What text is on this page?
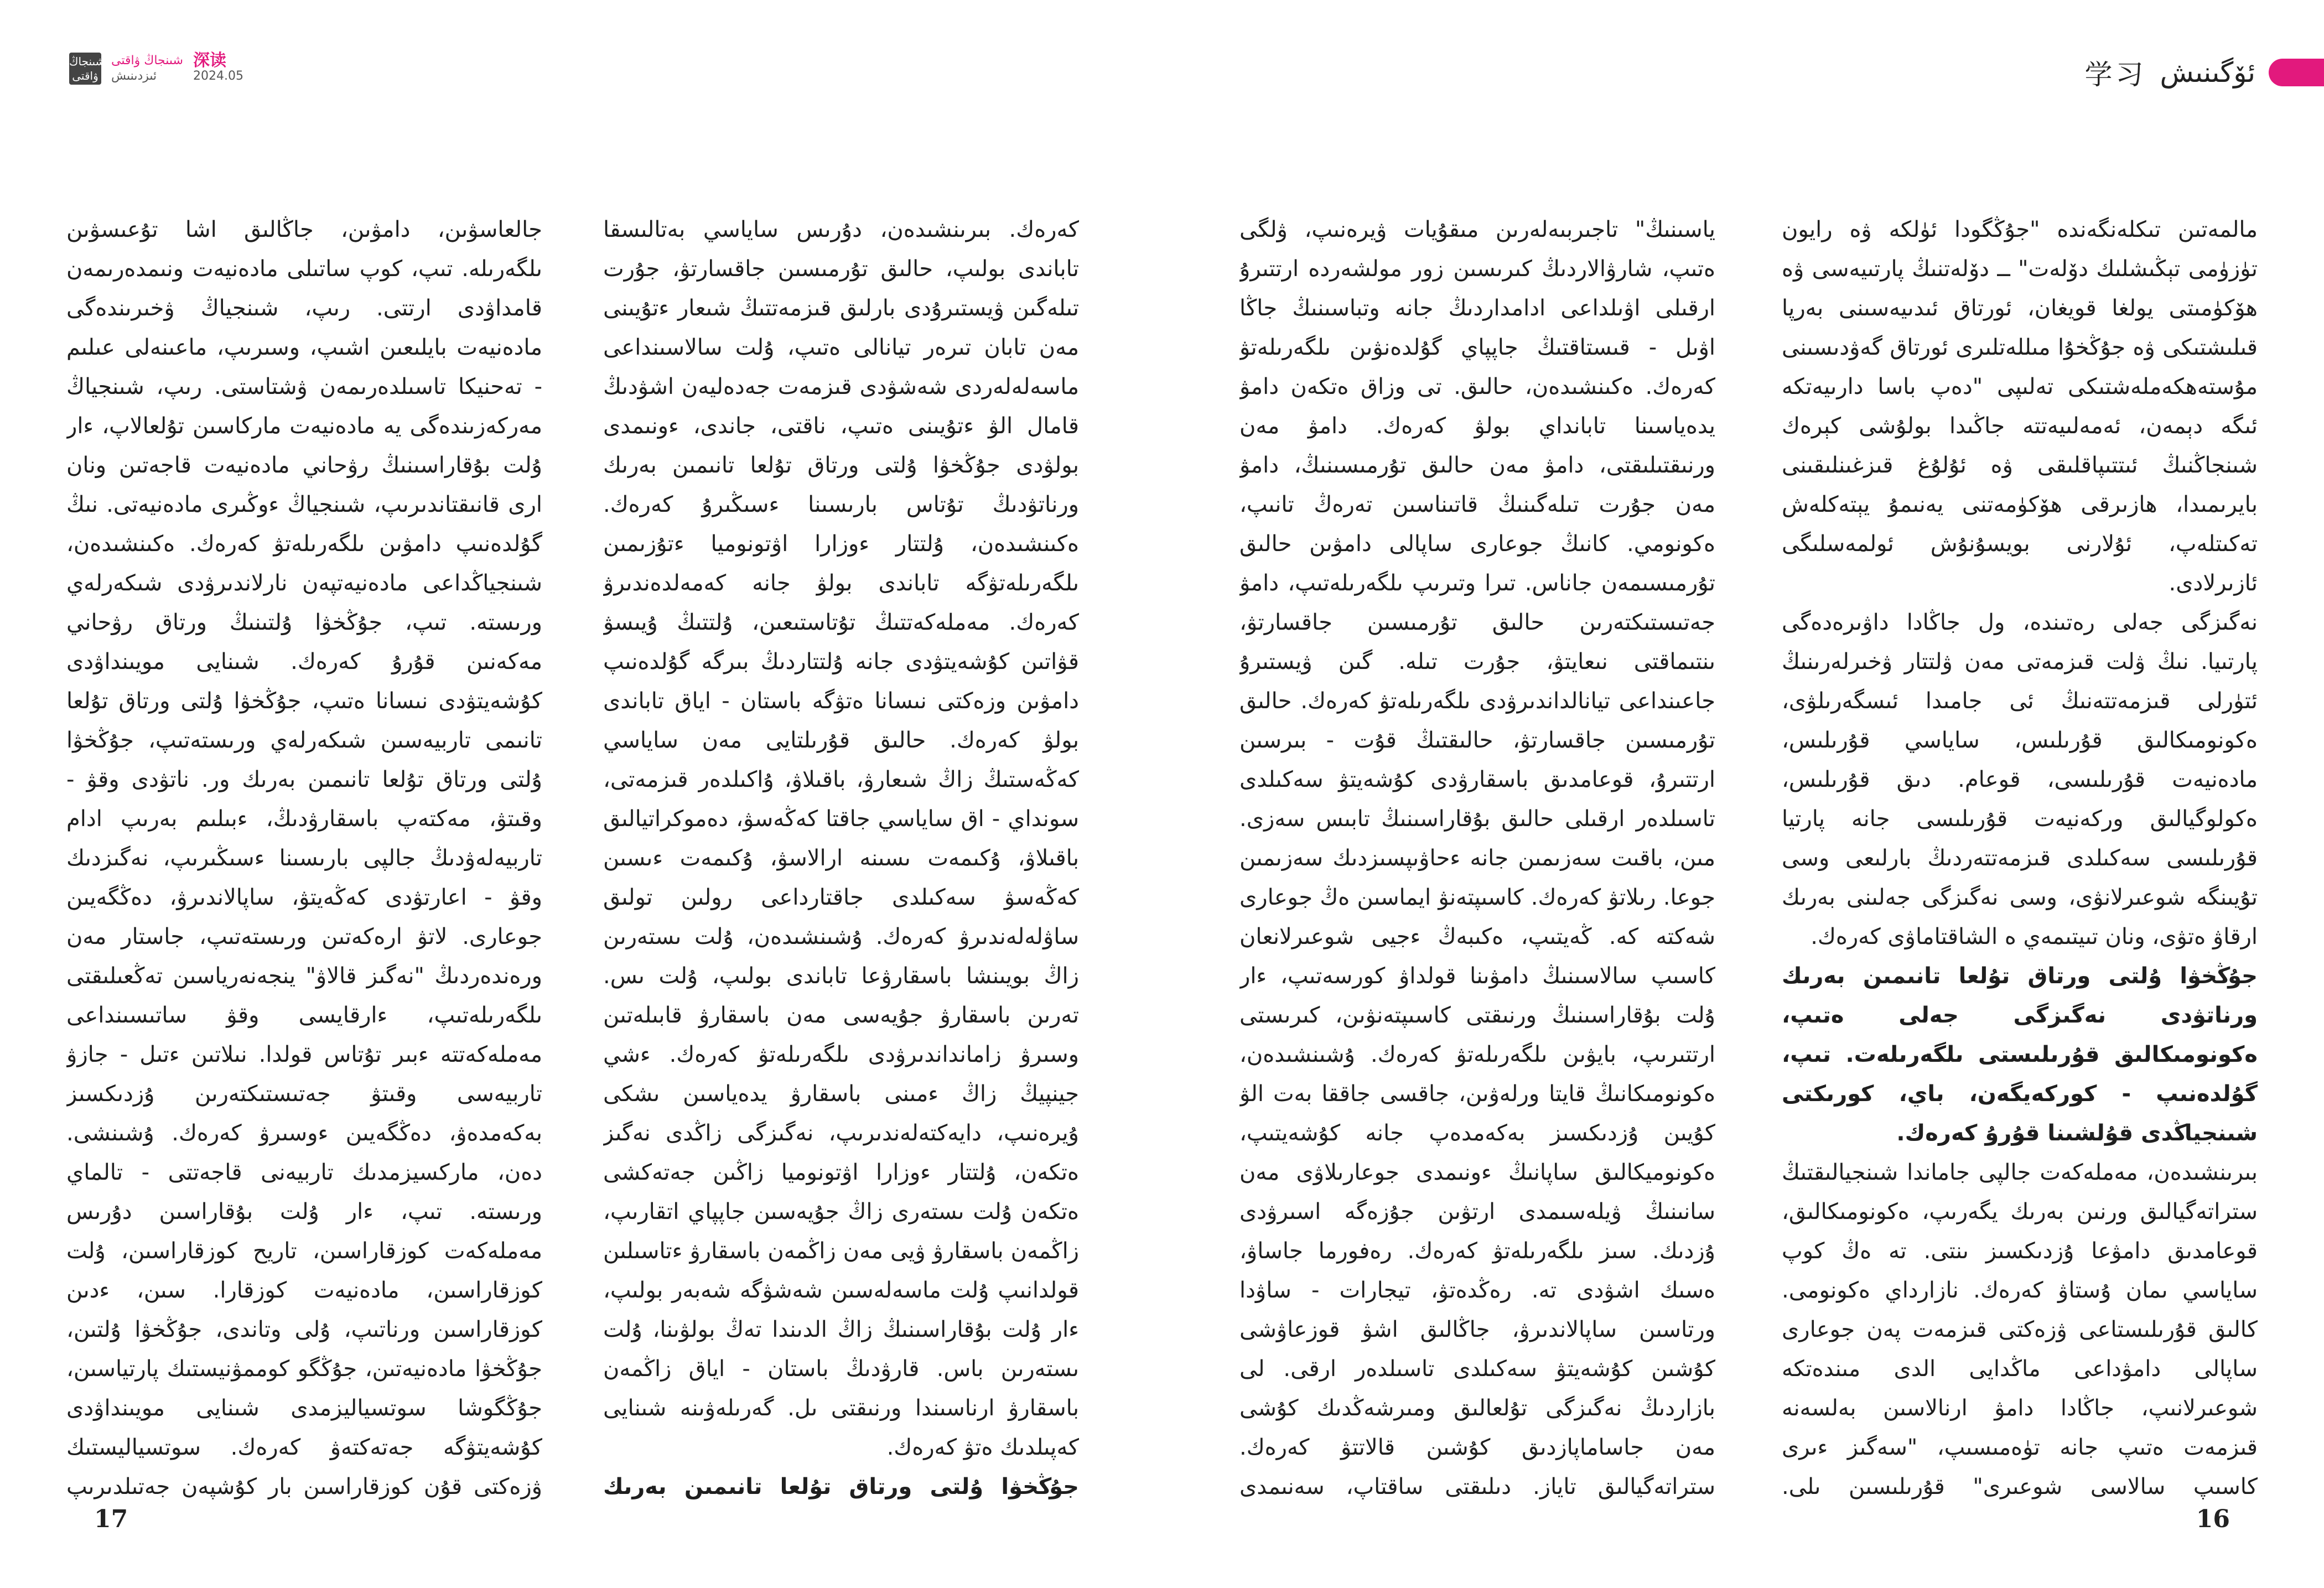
شىنجاڭ
ۋاقتى
شىنجاڭ ۋاقتى
ئىزدىنىش
深读
2024.05	学习 ئۆگىنىش

مالمەتىن تىكلەنگەندە "جۇڭگودا ئۈلكە ۋە رايون تۈزۈمى تېڭىشلىك دۆلەت" ــ دۆلەتنىڭ پارتىيەسى ۋە ھۆكۈمىتى يولغا قويغان، ئورتاق ئىدىيەسىنى بەرپا قىلىشتىكى ۋە جۇڭخۇا مىللەتلىرى ئورتاق گەۋدىسىنى مۇستەھكەملەشتىكى تەلىپى "دەپ باسا دارىيەتكە ئىگە دېمەن، ئەمەلىيەتتە جاڭىدا بولۇشى كېرەك شىنجاڭنىڭ ئىتتىپاقلىقى ۋە ئۇلۇغ قىزغىنلىقىنى بايرىمىدا، ھازىرقى ھۆكۈمەتنى يەنىمۇ يېتەكلەش تەكىتلەپ، ئۇلارنى بويسۇنۇش ئولمەسلىگى ئازىرلادى.

نەگىزگى جەلى رەتىندە، ول جاڭادا داۋىرەدەگى پارتىيا. نىڭ ۋلت قىزمەتى مەن ۋلتتار ۋخىرلەرىنىڭ ئتۈرلى قىزمەتتەنىڭ ئى جامىدا ئىسگەرىلۋى، ەكونومىكالىق قۇرىلىس، ساياسي قۇرىلىس، مادەنيەت قۇرىلىسى، قوعام. دىق قۇرىلىس، ەكولوگيالىق وركەنيەت قۇرىلىسى جانە پارتيا قۇرىلىسى سەكىلدى قىزمەتتەردىڭ بارلىعى وسى تۇيىنگە شوعىرلانۋى، وسى نەگىزگى جەلىنى بەرىك ارقاۋ ەتۋى، ونان تىيتىمەي ە الشاقتاماۋى كەرەك.

جۇڭخۋا ۇلتى ورتاق تۇلعا تانىمىن بەرىك ورناتۋدى نەگىزگى جەلى ەتىپ، ەكونومىكالىق قۇرىلىستى ىلگەرىلەت. تىپ، گۇلدەنىپ - كوركەيگەن، باي، كورىكتى شىنجياڭدى قۇلشىنا قۇرۇ كەرەك.

بىرىنشىدەن، مەملەكەت جالپى جاماندا شىنجيالىقتىڭ ستراتەگيالىق ورنىن بەرىك يگەرىپ، ەكونومىكالىق، قوعامدىق دامۋعا ۇزدىكسىز ىنتى. تە ەڭ كوپ ساياسي ىمان ۇستاۋ كەرەك. نازارداي ەكونومى. كالىق قۇرىلىستاعى ۋزەكتى قىزمەت پەن جوعارى ساپالى دامۋداعى ماڭدايى الدى مىندەتكە شوعىرلانىپ، جاڭادا دامۋ ارنالاسىن بەلسەنە قىزمەت ەتىپ جانە تۈەمىسىپ، "سەگىز ءىرى كاسىپ سالاسى شوعىرى" قۇرىلىسىن ىلى.

ياسىنىڭ" تاجىربىەلەرىن مىقۇيات ۋيرەنىپ، ۋلگى ەتىپ، شارۋالاردىڭ كىرىسىن زور مولشەردە ارتتىرۇ ارقىلى اۋىلداعى ادامداردىڭ جانە وتباسىنىڭ جاڭا اۋىل - قىستاقتىڭ جاپپاي گۇلدەنۋىن ىلگەرىلەتۋ كەرەك. ەكىنشىدەن، حالىق. تى وزاق ەتكەن دامۋ يدەياسىنا تابانداي بولۋ كەرەك. دامۋ مەن ورنىقتىلىقتى، دامۋ مەن حالىق تۇرمىسىنىڭ، دامۋ مەن جۇرت تىلەگىنىڭ قاتىناسىن تەرەڭ تانىپ، ەكونومي. كانىڭ جوعارى ساپالى دامۋىن حالىق تۇرمىسىمەن جاناس. تىرا وتىرىپ ىلگەرىلەتىپ، دامۋ جەتىستىكتەرىن حالىق تۇرمىسىن جاقسارتۋ، ىنتىماقتى نىعايتۋ، جۇرت تىلە. گىن ۋيستىرۇ جاعىنداعى تيانالداندىرۋدى ىلگەرىلەتۋ كەرەك. حالىق تۇرمىسىن جاقسارتۋ، حالىقتىڭ قۇت - بىرسىن ارتتىرۇ، قوعامدىق باسقارۋدى كۇشەيتۋ سەكىلدى تاسىلدەر ارقىلى حالىق بۇقاراسىنىڭ تابىس سەزى. مىن، باقىت سەزىمىن جانە ءحاۋىپسىزدىك سەزىمىن جوعا. رىلاتۋ كەرەك. كاسىپتەنۋ ايماسىن ەڭ جوعارى شەكتە كە. ڭەيتىپ، ەكىبەڭ ءجيى شوعىرلانعان كاسىپ سالاسىنىڭ دامۋىنا قولداۋ كورسەتىپ، ءار ۇلت بۇقاراسىنىڭ ورنىقتى كاسىپتەنۋىن، كىرىستى ارتتىرىپ، بايۋىن ىلگەرىلەتۋ كەرەك. ۇشىنشىدەن، ەكونومىكانىڭ قايتا ورلەۋىن، جاقسى جاققا بەت الۋ كۇيىن ۇزدىكسىز بەكەمدەپ جانە كۇشەيتىپ، ەكونوميكالىق ساپانىڭ ءونىمدى جوعارىلاۋى مەن سانىنىڭ ۋيلەسىمدى ارتۋىن جۇزەگە اسىرۋدى ۇزدىك. سىز ىلگەرىلەتۋ كەرەك. رەفورما جاساۋ، ەسىك اشۋدى تە. رەڭدەتۋ، تيجارات - ساۋدا ورتاسىن ساپالاندىرۋ، جاڭالىق اشۋ قوزعاۋشى كۇشىن كۇشەيتۋ سەكىلدى تاسىلدەر ارقى. لى بازاردىڭ نەگىزگى تۇلعالىق ومىرشەڭدىك كۇشى مەن جاساماپازدىق كۇشىن قالاتتۋ كەرەك. ستراتەگيالىق تاياز. دىلىقتى ساقتاپ، سەنىمدى

كەرەك. بىرىنشىدەن، دۇرىس ساياسي بەتالىسقا تاباندى بولىپ، حالىق تۇرمىسىن جاقسارتۋ، جۇرت تىلەگىن ۋيستىرۇدى بارلىق قىزمەتتىڭ شىعار ءتۇيىنى مەن تابان تىرەر تيانالى ەتىپ، ۇلت سالاسىنداعى ماسەلەلەردى شەشۋدى قىزمەت جەدەليەن اشۋدىڭ قامال الۋ ءتۇيىنى ەتىپ، ناقتى، جاندى، ءونىمدى بولۋدى جۇڭخۋا ۇلتى ورتاق تۇلعا تانىمىن بەرىك ورناتۋدىڭ تۇتاس بارىسىنا ءسىڭىرۇ كەرەك. ەكىنشىدەن، ۇلتتار ءوزارا اۋتونوميا ءتۇزىمىن ىلگەرىلەتۋگە تاباندى بولۋ جانە كەمەلدەندىرۋ كەرەك. مەملەكەتتىڭ تۇتاستىعىن، ۇلتتىڭ ۇيىسۋ قۋاتىن كۇشەيتۋدى جانە ۇلتتاردىڭ بىرگە گۇلدەنىپ دامۋىن وزەكتى نىسانا ەتۋگە باستان - اياق تاباندى بولۋ كەرەك. حالىق قۇرىلتايى مەن ساياسي كەڭەستىڭ زاڭ شىعارۋ، باقىلاۋ، ۇاكىلدەر قىزمەتى، سونداي - اق ساياسي جاقتا كەڭەسۋ، دەموكراتيالىق باقىلاۋ، ۇكىمەت ىسىنە ارالاسۋ، ۇكىمەت ءىسىن كەڭەسۋ سەكىلدى جاقتارداعى رولىن تولىق ساۋلەلەندىرۋ كەرەك. ۇشىنشىدەن، ۇلت ىستەرىن زاڭ بويىنشا باسقارۋعا تاباندى بولىپ، ۇلت ىس. تەرىن باسقارۋ جۇيەسى مەن باسقارۋ قابىلەتىن وسىرۋ زامانداندىرۋدى ىلگەرىلەتۋ كەرەك. ءشي جينپيڭ زاڭ ءمىنى باسقارۋ يدەياسىن ىشكى ۇيرەنىپ، دايەكتەلەندىرىپ، نەگىزگى زاڭدى نەگىز ەتكەن، ۇلتتار ءوزارا اۋتونوميا زاڭىن جەتەكشى ەتكەن ۇلت ىستەرى زاڭ جۇيەسىن جاپپاي اتقارىپ، زاڭمەن باسقارۋ ۋيى مەن زاڭمەن باسقارۋ ءتاسىلىن قولدانىپ ۇلت ماسەلەسىن شەشۋگە شەبەر بولىپ، ءار ۇلت بۇقاراسىنىڭ زاڭ الدىندا تەڭ بولۋىنا، ۇلت ىستەرىن باس. قارۋدىڭ باستان - اياق زاڭمەن باسقارۋ ارناسىندا ورنىقتى ىل. گەرىلەۋىنە شىنايى كەپىلدىك ەتۋ كەرەك.

جۇڭخۋا ۇلتى ورتاق تۇلعا تانىمىن بەرىك

جالعاسۋىن، دامۋىن، جاڭالىق اشا تۇعىسۋىن ىلگەرىلە. تىپ، كوپ ساتىلى مادەنيەت ونىمدەرىمەن قامداۋدى ارتتى. رىپ، شىنجياڭ ۋخىرىندەگى مادەنيەت بايلىعىن اشىپ، وسىرىپ، ماعىنەلى عىلىم - تەحنيكا تاسىلدەرىمەن ۋشتاستى. رىپ، شىنجياڭ مەركەزىندەگى يە مادەنيەت ماركاسىن تۇلعالاپ، ءار ۇلت بۇقاراسىنىڭ رۋحاني مادەنيەت قاجەتىن ونان ارى قانىقتاندىرىپ، شىنجياڭ ءوڭىرى مادەنيەتى. نىڭ گۇلدەنىپ دامۋىن ىلگەرىلەتۋ كەرەك. ەكىنشىدەن، شىنجياڭداعى مادەنيەتپەن نارلاندىرۋدى شىكەرلەي ورىستە. تىپ، جۇڭخۋا ۇلتىنىڭ ورتاق رۋحاني مەكەنىن قۇرۇ كەرەك. شىنايى مويىنداۋدى كۇشەيتۋدى نىسانا ەتىپ، جۇڭخۋا ۇلتى ورتاق تۇلعا تانىمى تاربيەسىن شىكەرلەي ورىستەتىپ، جۇڭخۋا ۇلتى ورتاق تۇلعا تانىمىن بەرىك ور. ناتۋدى وقۋ - وقىتۋ، مەكتەپ باسقارۋدىڭ، ءبىلىم بەرىپ ادام تاربيەلەۋدىڭ جالپى بارىسىنا ءسىڭىرىپ، نەگىزدىك وقۋ - اعارتۋدى كەڭەيتۋ، ساپالاندىرۋ، دەڭگەيىن جوعارى. لاتۋ ارەكەتىن ورىستەتىپ، جاستار مەن ورەندەردىڭ "نەگىز قالاۋ" ينجەنەرياسىن تەڭعىلىقتى ىلگەرىلەتىپ، ءارقايسى وقۋ ساتىسىنداعى مەملەكەتتە ءبىر تۇتاس قولدا. نىلاتىن ءتىل - جازۋ تاربيەسى وقىتۋ جەتىستىكتەرىن ۇزدىكسىز بەكەمدەۋ، دەڭگەيىن ءوسىرۋ كەرەك. ۇشىنشى. دەن، ماركسيزمدىك تاربيەنى قاجەتتى - تالماي ورىستە. تىپ، ءار ۇلت بۇقاراسىن دۇرىس مەملەكەت كوزقاراسىن، تاريح كوزقاراسىن، ۇلت كوزقاراسىن، مادەنيەت كوزقارا. سىن، ءدىن كوزقاراسىن ورناتىپ، ۇلى وتاندى، جۇڭخۋا ۇلتىن، جۇڭخۋا مادەنيەتىن، جۇڭگو كوممۋنيستىك پارتياسىن، جۇڭگوشا سوتسياليزمدى شىنايى مويىنداۋدى كۇشەيتۋگە جەتەكتەۋ كەرەك. سوتسياليستىك ۋزەكتى قۇن كوزقاراسىن بار كۇشپەن جەتىلدىرىپ

17	16
